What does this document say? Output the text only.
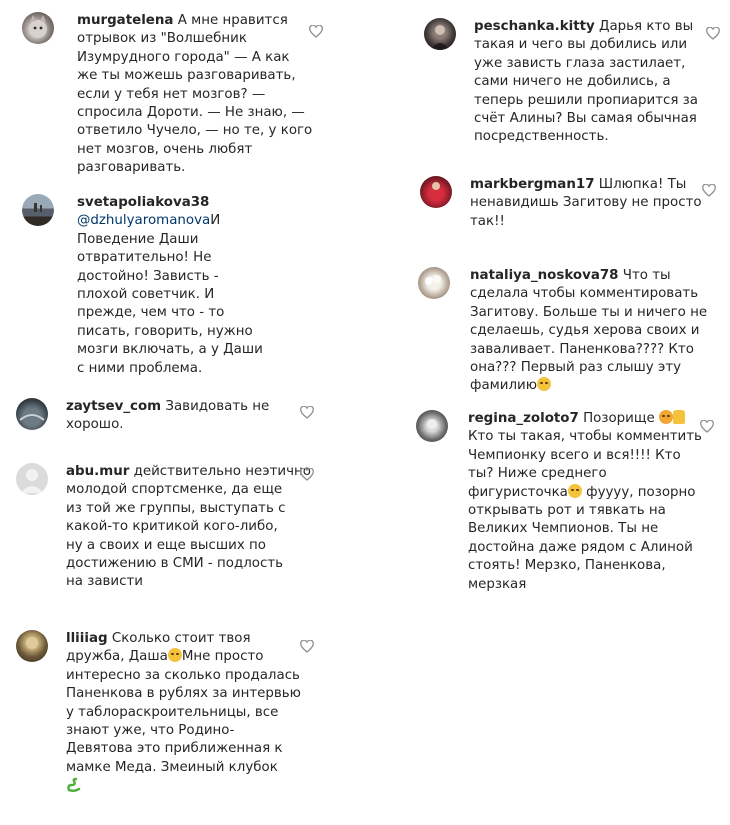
murgatelena А мне нравится
отрывок из "Волшебник
Изумрудного города" — А как
же ты можешь разговаривать,
если у тебя нет мозгов? —
спросила Дороти. — Не знаю, —
ответило Чучело, — но те, у кого
нет мозгов, очень любят
разговаривать.
svetapoliakova38
@dzhulyaromanovaИ
Поведение Даши
отвратительно! Не
достойно! Зависть -
плохой советчик. И
прежде, чем что - то
писать, говорить, нужно
мозги включать, а у Даши
с ними проблема.
zaytsev_com Завидовать не
хорошо.
abu.mur действительно неэтично
молодой спортсменке, да еще
из той же группы, выступать с
какой-то критикой кого-либо,
ну а своих и еще высших по
достижению в СМИ - подлость
на зависти
lliiiag Сколько стоит твоя
дружба, Даша Мне просто
интересно за сколько продалась
Паненкова в рублях за интервью
у таблораскроительницы, все
знают уже, что Родино-
Девятова это приближенная к
мамке Меда. Змеиный клубок

peschanka.kitty Дарья кто вы
такая и чего вы добились или
уже зависть глаза застилает,
сами ничего не добились, а
теперь решили пропиарится за
счёт Алины? Вы самая обычная
посредственность.
markbergman17 Шлюпка! Ты
ненавидишь Загитову не просто
так!!
nataliya_noskova78 Что ты
сделала чтобы комментировать
Загитову. Больше ты и ничего не
сделаешь, судья херова своих и
заваливает. Паненкова???? Кто
она??? Первый раз слышу эту
фамилию
regina_zoloto7 Позорище
Кто ты такая, чтобы комментить
Чемпионку всего и вся!!!! Кто
ты? Ниже среднего
фигуристочка фуууу, позорно
открывать рот и тявкать на
Великих Чемпионов. Ты не
достойна даже рядом с Алиной
стоять! Мерзко, Паненкова,
мерзкая
